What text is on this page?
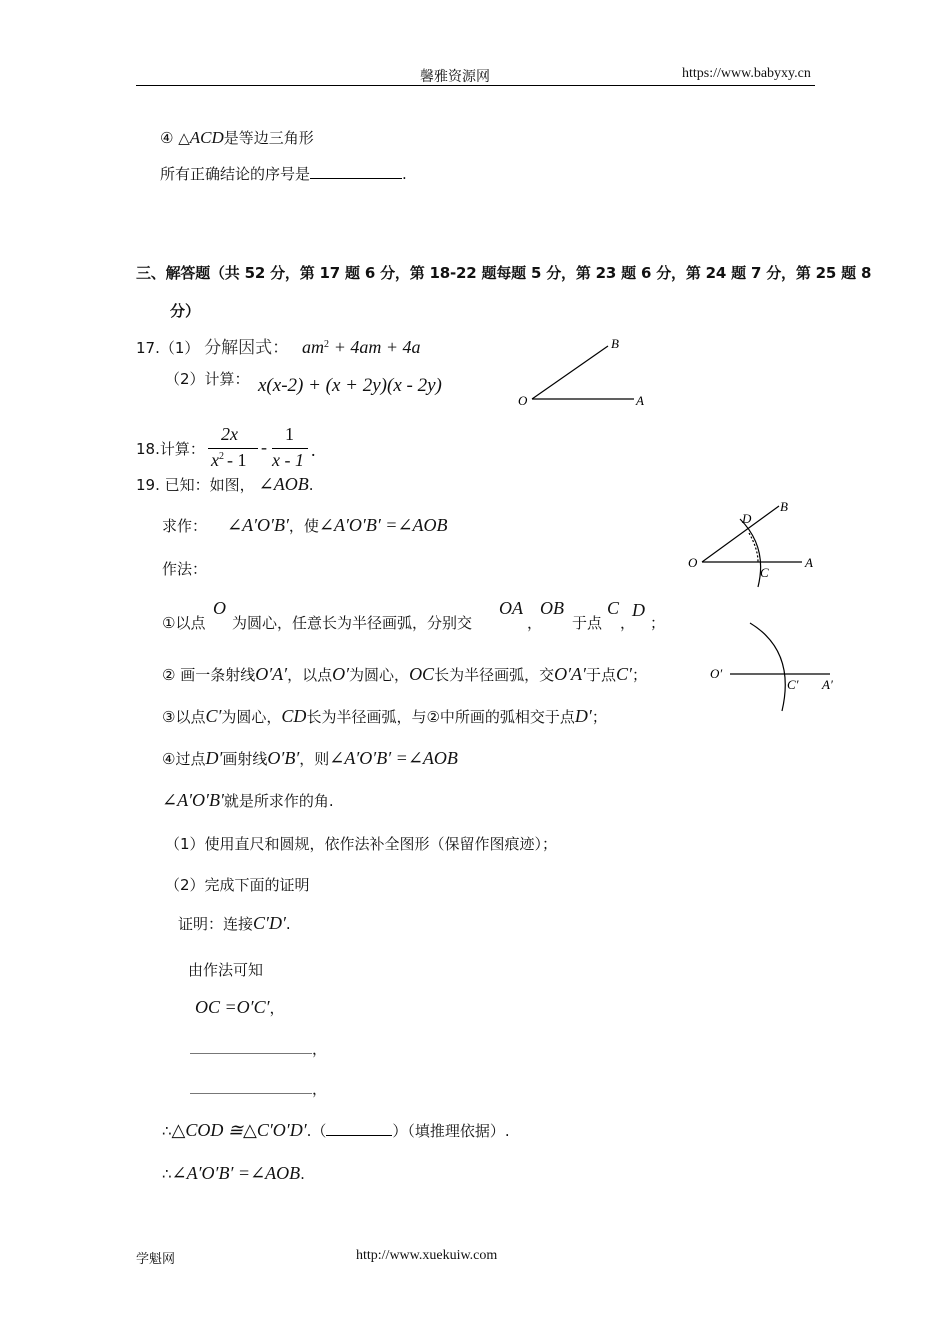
馨雅资源网	https://www.babyxy.cn
④ △ACD是等边三角形
所有正确结论的序号是	.
三、解答题（共 52 分，第 17 题 6 分，第 18-22 题每题 5 分，第 23 题 6 分，第 24 题 7 分，第 25 题 8
分）
17.（1） 分解因式： $am^2 + 4am + 4a$
（2）计算： x(x-2) + (x + 2y)(x - 2y)
O	A
B
18.计算：
2x
$x^2 - 1$
-
1
x - 1 .
19. 已知：如图， ∠AOB.
求作： ∠A′O′B′，使∠A′O′B′ =∠AOB
作法：
①以点
O
为圆心，任意长为半径画弧，分别交
OA
，
OB
于点
C
，
D
；
② 画一条射线O′A′，以点O′为圆心，OC长为半径画弧，交O′A′于点C′；
③以点C′为圆心，CD长为半径画弧，与②中所画的弧相交于点D′；
④过点D′画射线O′B′，则∠A′O′B′ =∠AOB
∠A′O′B′就是所求作的角.
（1）使用直尺和圆规，依作法补全图形（保留作图痕迹）；
（2）完成下面的证明
证明：连接C′D′.
由作法可知
OC =O′C′，
，
，
∴△COD ≅△C′O′D′.（	）（填推理依据）.
∴∠A′O′B′ =∠AOB.
O	A
B
C
D
O′
C′ A′
学魁网	http://www.xuekuiw.com
